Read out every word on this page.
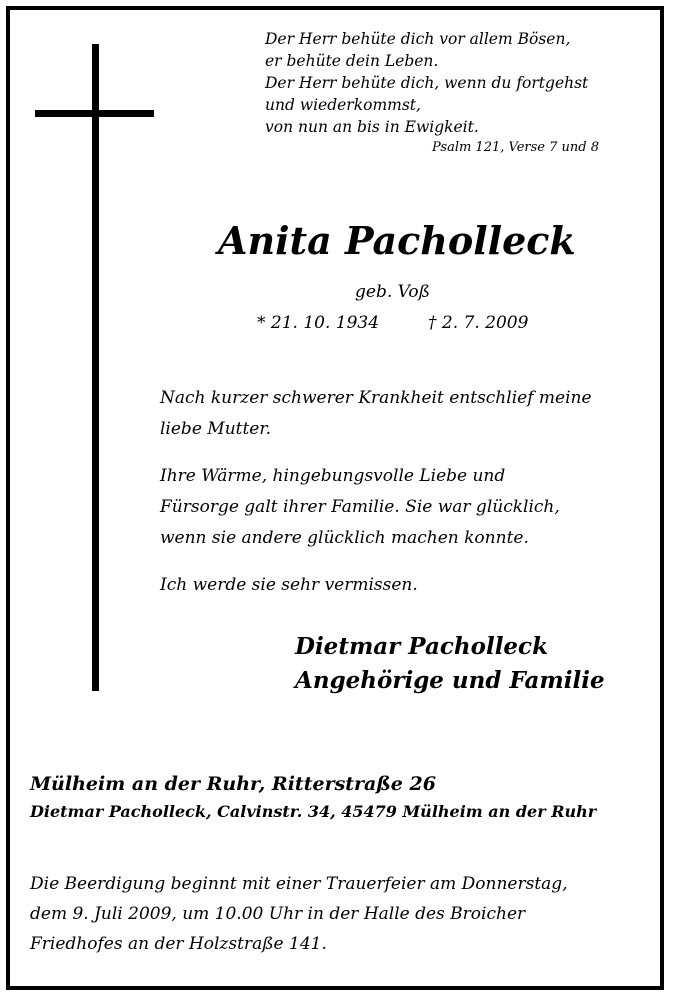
Der Herr behüte dich vor allem Bösen,
er behüte dein Leben.
Der Herr behüte dich, wenn du fortgehst
und wiederkommst,
von nun an bis in Ewigkeit.
Psalm 121, Verse 7 und 8
Anita Pacholleck
geb. Voß
* 21. 10. 1934	† 2. 7. 2009

Nach kurzer schwerer Krankheit entschlief meine
liebe Mutter.

Ihre Wärme, hingebungsvolle Liebe und
Fürsorge galt ihrer Familie. Sie war glücklich,
wenn sie andere glücklich machen konnte.

Ich werde sie sehr vermissen.

Dietmar Pacholleck
Angehörige und Familie
Mülheim an der Ruhr, Ritterstraße 26
Dietmar Pacholleck, Calvinstr. 34, 45479 Mülheim an der Ruhr
Die Beerdigung beginnt mit einer Trauerfeier am Donnerstag,
dem 9. Juli 2009, um 10.00 Uhr in der Halle des Broicher
Friedhofes an der Holzstraße 141.
